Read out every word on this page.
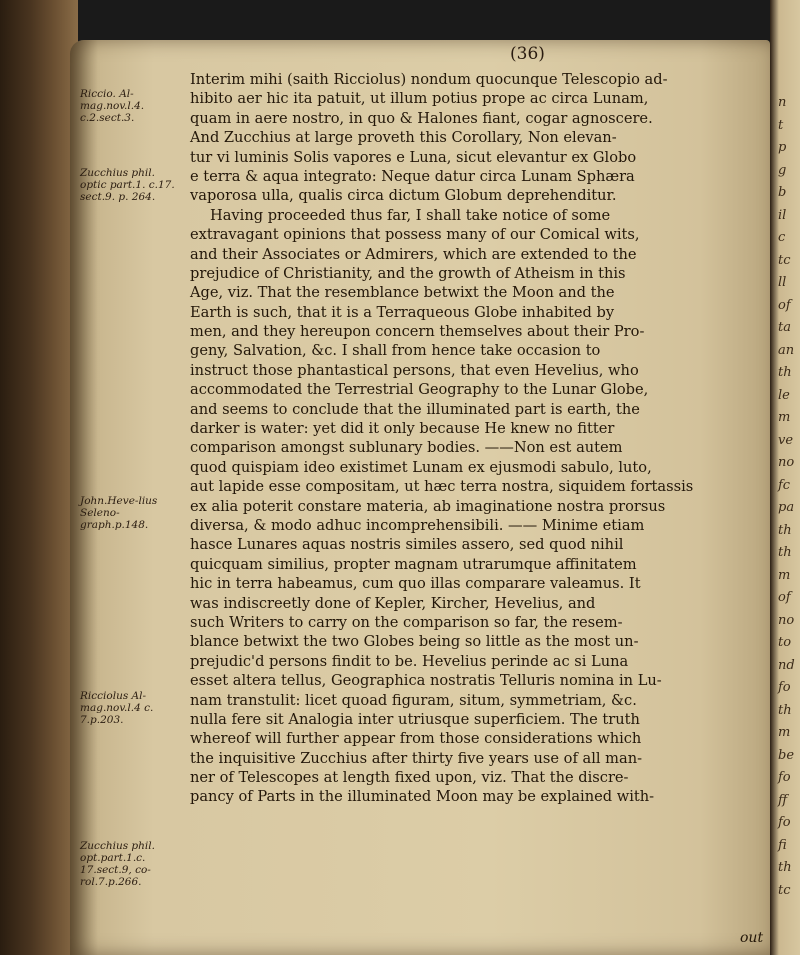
n
t
p
g
b
il
c
tc
ll
of
ta
an
th
le
m
ve
no
fc
pa
th
th
m
of
no
to
nd
fo
th
m
be
fo
ff
fo
fi
th
tc
(36)
Riccio. Al-mag.nov.l.4. c.2.sect.3.
Zucchius phil. optic part.1. c.17. sect.9. p. 264.
John.Heve-lius Seleno-graph.p.148.
Ricciolus Al-mag.nov.l.4 c. 7.p.203.
Zucchius phil. opt.part.1.c. 17.sect.9, co-rol.7.p.266.
Interim mihi (saith Ricciolus) nondum quocunque Telescopio ad-
hibito aer hic ita patuit, ut illum potius prope ac circa Lunam,
quam in aere nostro, in quo & Halones fiant, cogar agnoscere.
And Zucchius at large proveth this Corollary, Non elevan-
tur vi luminis Solis vapores e Luna, sicut elevantur ex Globo
e terra & aqua integrato: Neque datur circa Lunam Sphæra
vaporosa ulla, qualis circa dictum Globum deprehenditur.
Having proceeded thus far, I shall take notice of some
extravagant opinions that possess many of our Comical wits,
and their Associates or Admirers, which are extended to the
prejudice of Christianity, and the growth of Atheism in this
Age, viz. That the resemblance betwixt the Moon and the
Earth is such, that it is a Terraqueous Globe inhabited by
men, and they hereupon concern themselves about their Pro-
geny, Salvation, &c. I shall from hence take occasion to
instruct those phantastical persons, that even Hevelius, who
accommodated the Terrestrial Geography to the Lunar Globe,
and seems to conclude that the illuminated part is earth, the
darker is water: yet did it only because He knew no fitter
comparison amongst sublunary bodies. ——Non est autem
quod quispiam ideo existimet Lunam ex ejusmodi sabulo, luto,
aut lapide esse compositam, ut hæc terra nostra, siquidem fortassis
ex alia poterit constare materia, ab imaginatione nostra prorsus
diversa, & modo adhuc incomprehensibili. —— Minime etiam
hasce Lunares aquas nostris similes assero, sed quod nihil
quicquam similius, propter magnam utrarumque affinitatem
hic in terra habeamus, cum quo illas comparare valeamus. It
was indiscreetly done of Kepler, Kircher, Hevelius, and
such Writers to carry on the comparison so far, the resem-
blance betwixt the two Globes being so little as the most un-
prejudic'd persons findit to be. Hevelius perinde ac si Luna
esset altera tellus, Geographica nostratis Telluris nomina in Lu-
nam transtulit: licet quoad figuram, situm, symmetriam, &c.
nulla fere sit Analogia inter utriusque superficiem. The truth
whereof will further appear from those considerations which
the inquisitive Zucchius after thirty five years use of all man-
ner of Telescopes at length fixed upon, viz. That the discre-
pancy of Parts in the illuminated Moon may be explained with-
out
